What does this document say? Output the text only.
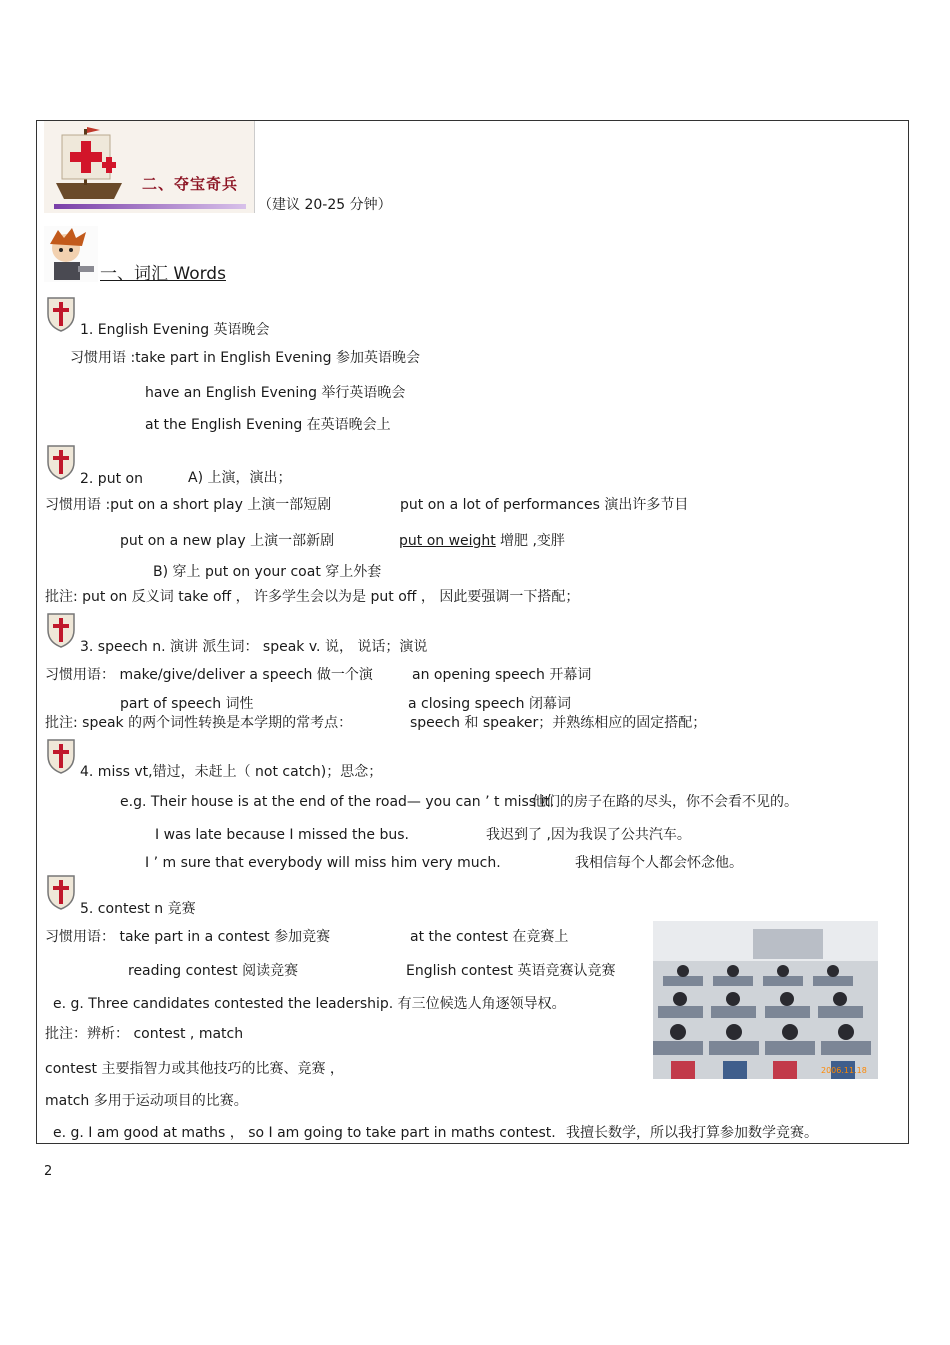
二、夺宝奇兵
（建议 20-25 分钟）
一、词汇 Words
1. English Evening 英语晚会
习惯用语 :take part in English Evening 参加英语晚会
have an English Evening 举行英语晚会
at the English Evening 在英语晚会上
2. put on	A) 上演，演出；
习惯用语 :put on a short play 上演一部短剧	put on a lot of performances 演出许多节目
put on a new play 上演一部新剧	put on weight 增肥 ,变胖
B) 穿上 put on your coat 穿上外套
批注: put on 反义词 take off ， 许多学生会以为是 put off ， 因此要强调一下搭配；
3. speech n. 演讲 派生词： speak v. 说， 说话；演说
习惯用语： make/give/deliver a speech 做一个演	an opening speech 开幕词
part of speech 词性	a closing speech 闭幕词
批注: speak 的两个词性转换是本学期的常考点：	speech 和 speaker；并熟练相应的固定搭配；
4. miss vt,错过，未赶上（ not catch)；思念；
e.g. Their house is at the end of the road— you can ’ t miss it.
他们的房子在路的尽头，你不会看不见的。
I was late because I missed the bus.	我迟到了 ,因为我误了公共汽车。
I ’ m sure that everybody will miss him very much.	我相信每个人都会怀念他。
5. contest n 竞赛
习惯用语： take part in a contest 参加竞赛	at the contest 在竞赛上
reading contest 阅读竞赛	English contest 英语竞赛认竞赛
e. g. Three candidates contested the leadership. 有三位候选人角逐领导权。
批注：辨析： contest , match
contest 主要指智力或其他技巧的比赛、竞赛 ，
match 多用于运动项目的比赛。
e. g. I am good at maths ， so I am going to take part in maths contest. 我擅长数学，所以我打算参加数学竞赛。
2006.11.18
2
